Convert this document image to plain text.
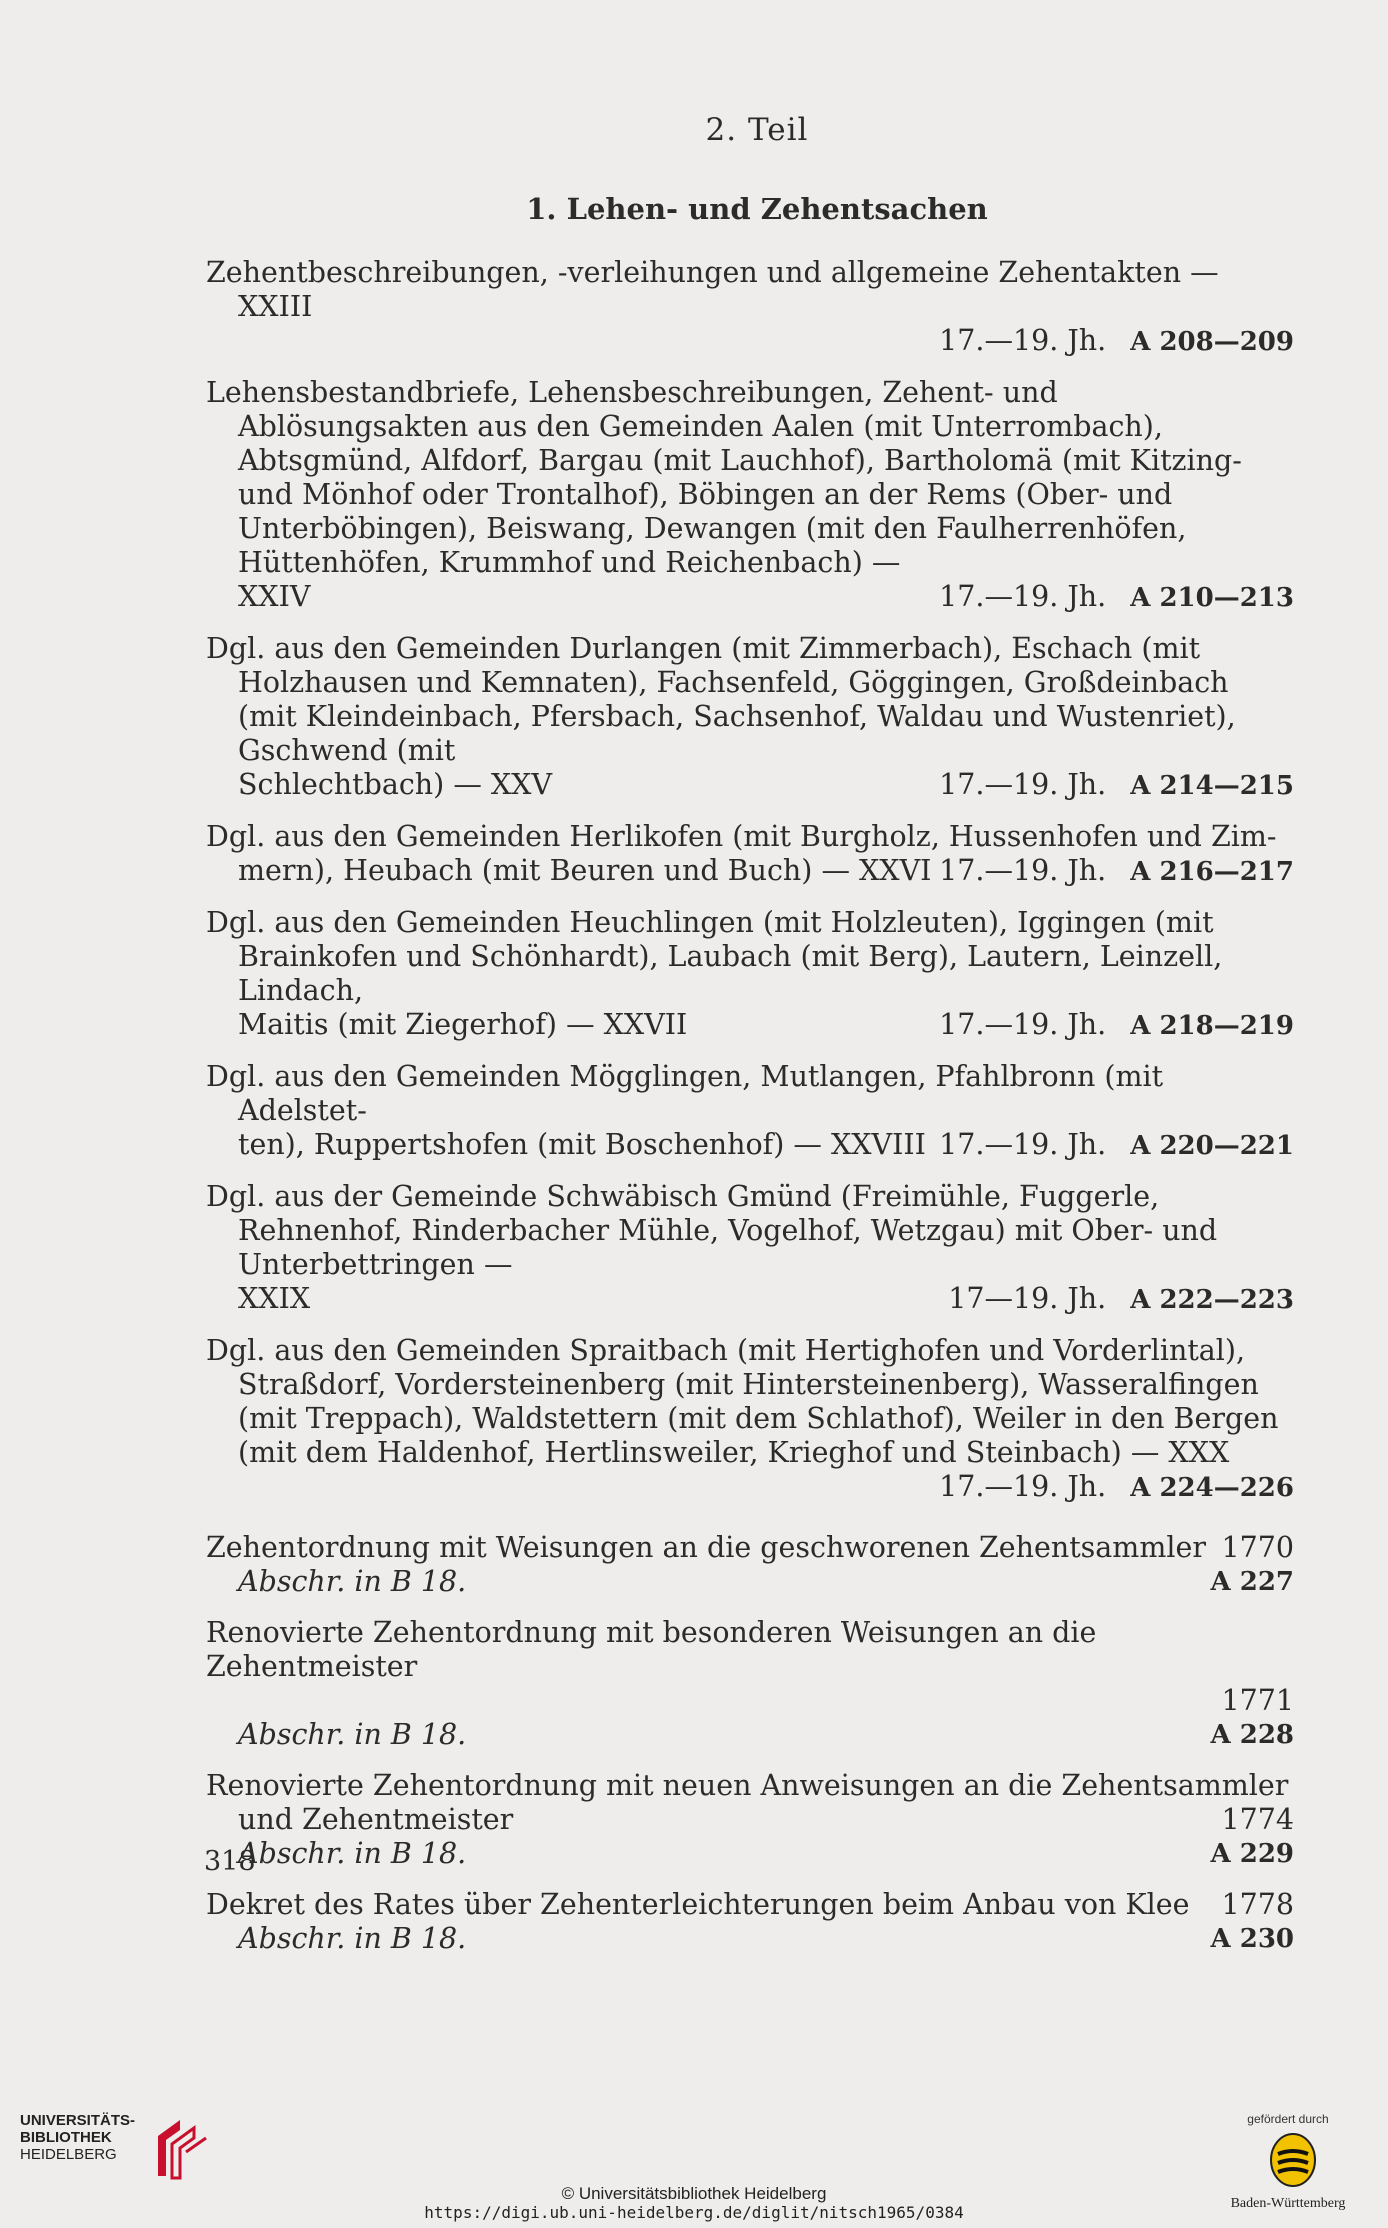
2. Teil
1. Lehen- und Zehentsachen
Zehentbeschreibungen, -verleihungen und allgemeine Zehentakten — XXIII
17.—19. Jh. A 208—209
Lehensbestandbriefe, Lehensbeschreibungen, Zehent- und Ablösungsakten aus den Gemeinden Aalen (mit Unterrombach), Abtsgmünd, Alfdorf, Bargau (mit Lauchhof), Bartholomä (mit Kitzing- und Mönhof oder Trontalhof), Böbingen an der Rems (Ober- und Unterböbingen), Beiswang, Dewangen (mit den Faulherrenhöfen, Hüttenhöfen, Krummhof und Reichenbach) —
XXIV	17.—19. Jh. A 210—213
Dgl. aus den Gemeinden Durlangen (mit Zimmerbach), Eschach (mit Holzhausen und Kemnaten), Fachsenfeld, Göggingen, Großdeinbach (mit Kleindeinbach, Pfersbach, Sachsenhof, Waldau und Wustenriet), Gschwend (mit
Schlechtbach) — XXV	17.—19. Jh. A 214—215
Dgl. aus den Gemeinden Herlikofen (mit Burgholz, Hussenhofen und Zim-
mern), Heubach (mit Beuren und Buch) — XXVI 17.—19. Jh. A 216—217
Dgl. aus den Gemeinden Heuchlingen (mit Holzleuten), Iggingen (mit Brainkofen und Schönhardt), Laubach (mit Berg), Lautern, Leinzell, Lindach,
Maitis (mit Ziegerhof) — XXVII	17.—19. Jh. A 218—219
Dgl. aus den Gemeinden Mögglingen, Mutlangen, Pfahlbronn (mit Adelstet-
ten), Ruppertshofen (mit Boschenhof) — XXVIII 17.—19. Jh. A 220—221
Dgl. aus der Gemeinde Schwäbisch Gmünd (Freimühle, Fuggerle, Rehnenhof, Rinderbacher Mühle, Vogelhof, Wetzgau) mit Ober- und Unterbettringen —
XXIX	17—19. Jh. A 222—223
Dgl. aus den Gemeinden Spraitbach (mit Hertighofen und Vorderlintal), Straßdorf, Vordersteinenberg (mit Hintersteinenberg), Wasseralfingen (mit Treppach), Waldstettern (mit dem Schlathof), Weiler in den Bergen (mit dem Haldenhof, Hertlinsweiler, Krieghof und Steinbach) — XXX
17.—19. Jh. A 224—226
Zehentordnung mit Weisungen an die geschworenen Zehentsammler 1770
Abschr. in B 18.	A 227
Renovierte Zehentordnung mit besonderen Weisungen an die Zehentmeister
1771
Abschr. in B 18.	A 228
Renovierte Zehentordnung mit neuen Anweisungen an die Zehentsammler
und Zehentmeister	1774
Abschr. in B 18.	A 229
Dekret des Rates über Zehenterleichterungen beim Anbau von Klee 1778
Abschr. in B 18.	A 230
318
UNIVERSITÄTS-
BIBLIOTHEK
HEIDELBERG
© Universitätsbibliothek Heidelberg
https://digi.ub.uni-heidelberg.de/diglit/nitsch1965/0384
gefördert durch
Baden-Württemberg
